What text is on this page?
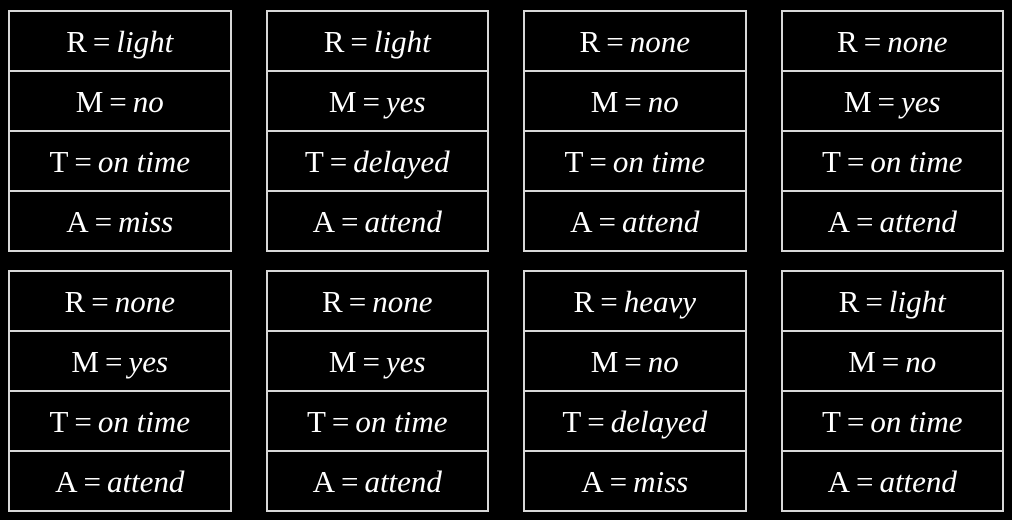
R = light
M = no
T = on time
A = miss
R = light
M = yes
T = delayed
A = attend
R = none
M = no
T = on time
A = attend
R = none
M = yes
T = on time
A = attend
R = none
M = yes
T = on time
A = attend
R = none
M = yes
T = on time
A = attend
R = heavy
M = no
T = delayed
A = miss
R = light
M = no
T = on time
A = attend
